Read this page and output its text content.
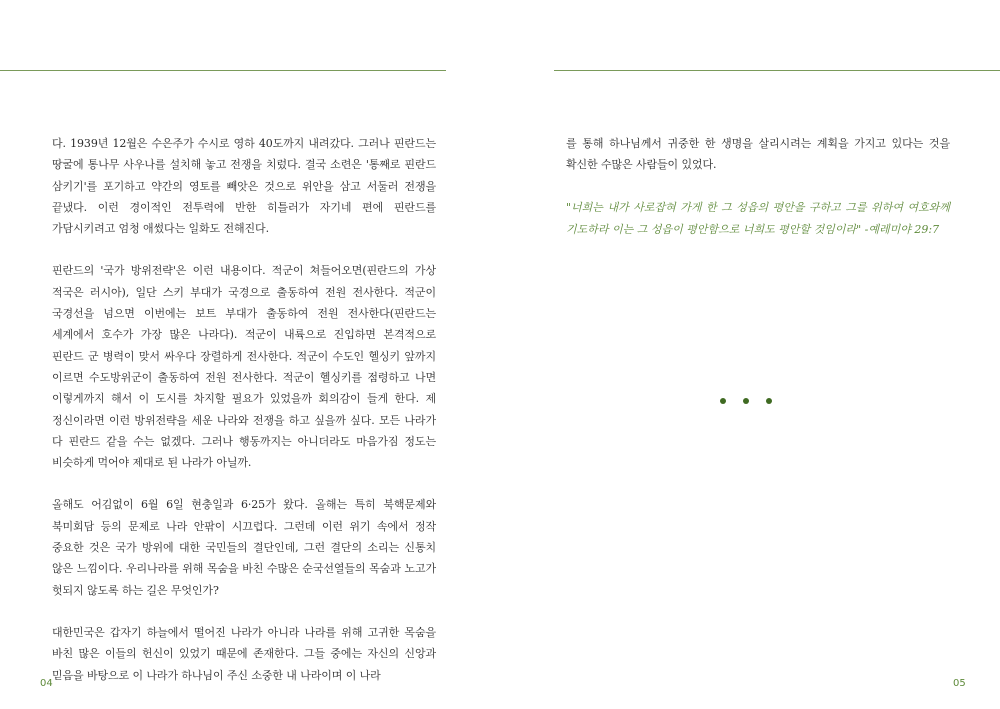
다. 1939년 12월은 수은주가 수시로 영하 40도까지 내려갔다. 그러나 핀란드는 땅굴에 통나무 사우나를 설치해 놓고 전쟁을 치렀다. 결국 소련은 '통째로 핀란드 삼키기'를 포기하고 약간의 영토를 빼앗은 것으로 위안을 삼고 서둘러 전쟁을 끝냈다. 이런 경이적인 전투력에 반한 히틀러가 자기네 편에 핀란드를 가담시키려고 엄청 애썼다는 일화도 전해진다.

핀란드의 '국가 방위전략'은 이런 내용이다. 적군이 쳐들어오면(핀란드의 가상 적국은 러시아), 일단 스키 부대가 국경으로 출동하여 전원 전사한다. 적군이 국경선을 넘으면 이번에는 보트 부대가 출동하여 전원 전사한다(핀란드는 세계에서 호수가 가장 많은 나라다). 적군이 내륙으로 진입하면 본격적으로 핀란드 군 병력이 맞서 싸우다 장렬하게 전사한다. 적군이 수도인 헬싱키 앞까지 이르면 수도방위군이 출동하여 전원 전사한다. 적군이 헬싱키를 점령하고 나면 이렇게까지 해서 이 도시를 차지할 필요가 있었을까 회의감이 들게 한다. 제 정신이라면 이런 방위전략을 세운 나라와 전쟁을 하고 싶을까 싶다. 모든 나라가 다 핀란드 같을 수는 없겠다. 그러나 행동까지는 아니더라도 마음가짐 정도는 비슷하게 먹어야 제대로 된 나라가 아닐까.

올해도 어김없이 6월 6일 현충일과 6·25가 왔다. 올해는 특히 북핵문제와 북미회담 등의 문제로 나라 안팎이 시끄럽다. 그런데 이런 위기 속에서 정작 중요한 것은 국가 방위에 대한 국민들의 결단인데, 그런 결단의 소리는 신통치 않은 느낌이다. 우리나라를 위해 목숨을 바친 수많은 순국선열들의 목숨과 노고가 헛되지 않도록 하는 길은 무엇인가?

대한민국은 갑자기 하늘에서 떨어진 나라가 아니라 나라를 위해 고귀한 목숨을 바친 많은 이들의 헌신이 있었기 때문에 존재한다. 그들 중에는 자신의 신앙과 믿음을 바탕으로 이 나라가 하나님이 주신 소중한 내 나라이며 이 나라

를 통해 하나님께서 귀중한 한 생명을 살리시려는 계획을 가지고 있다는 것을 확신한 수많은 사람들이 있었다.

"너희는 내가 사로잡혀 가게 한 그 성읍의 평안을 구하고 그를 위하여 여호와께 기도하라 이는 그 성읍이 평안함으로 너희도 평안할 것임이라" -예레미야 29:7

04	05
